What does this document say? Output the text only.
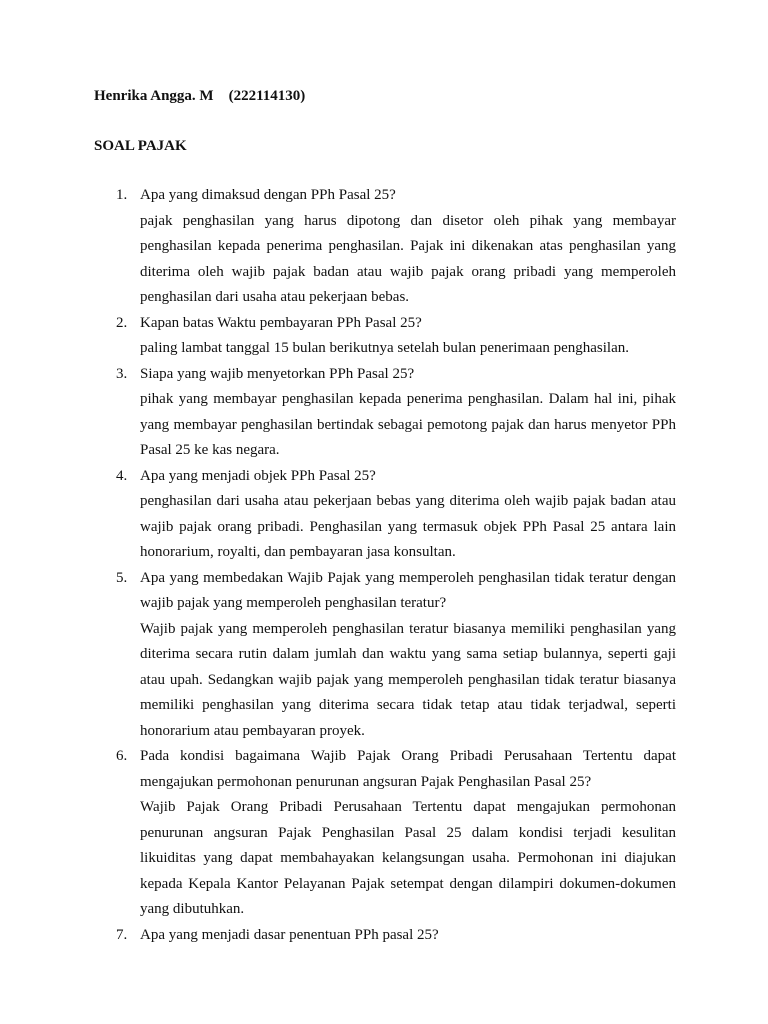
Henrika Angga. M (222114130)
SOAL PAJAK
1. Apa yang dimaksud dengan PPh Pasal 25?
pajak penghasilan yang harus dipotong dan disetor oleh pihak yang membayar penghasilan kepada penerima penghasilan. Pajak ini dikenakan atas penghasilan yang diterima oleh wajib pajak badan atau wajib pajak orang pribadi yang memperoleh penghasilan dari usaha atau pekerjaan bebas.
2. Kapan batas Waktu pembayaran PPh Pasal 25?
paling lambat tanggal 15 bulan berikutnya setelah bulan penerimaan penghasilan.
3. Siapa yang wajib menyetorkan PPh Pasal 25?
pihak yang membayar penghasilan kepada penerima penghasilan. Dalam hal ini, pihak yang membayar penghasilan bertindak sebagai pemotong pajak dan harus menyetor PPh Pasal 25 ke kas negara.
4. Apa yang menjadi objek PPh Pasal 25?
penghasilan dari usaha atau pekerjaan bebas yang diterima oleh wajib pajak badan atau wajib pajak orang pribadi. Penghasilan yang termasuk objek PPh Pasal 25 antara lain honorarium, royalti, dan pembayaran jasa konsultan.
5. Apa yang membedakan Wajib Pajak yang memperoleh penghasilan tidak teratur dengan wajib pajak yang memperoleh penghasilan teratur?
Wajib pajak yang memperoleh penghasilan teratur biasanya memiliki penghasilan yang diterima secara rutin dalam jumlah dan waktu yang sama setiap bulannya, seperti gaji atau upah. Sedangkan wajib pajak yang memperoleh penghasilan tidak teratur biasanya memiliki penghasilan yang diterima secara tidak tetap atau tidak terjadwal, seperti honorarium atau pembayaran proyek.
6. Pada kondisi bagaimana Wajib Pajak Orang Pribadi Perusahaan Tertentu dapat mengajukan permohonan penurunan angsuran Pajak Penghasilan Pasal 25?
Wajib Pajak Orang Pribadi Perusahaan Tertentu dapat mengajukan permohonan penurunan angsuran Pajak Penghasilan Pasal 25 dalam kondisi terjadi kesulitan likuiditas yang dapat membahayakan kelangsungan usaha. Permohonan ini diajukan kepada Kepala Kantor Pelayanan Pajak setempat dengan dilampiri dokumen-dokumen yang dibutuhkan.
7. Apa yang menjadi dasar penentuan PPh pasal 25?
